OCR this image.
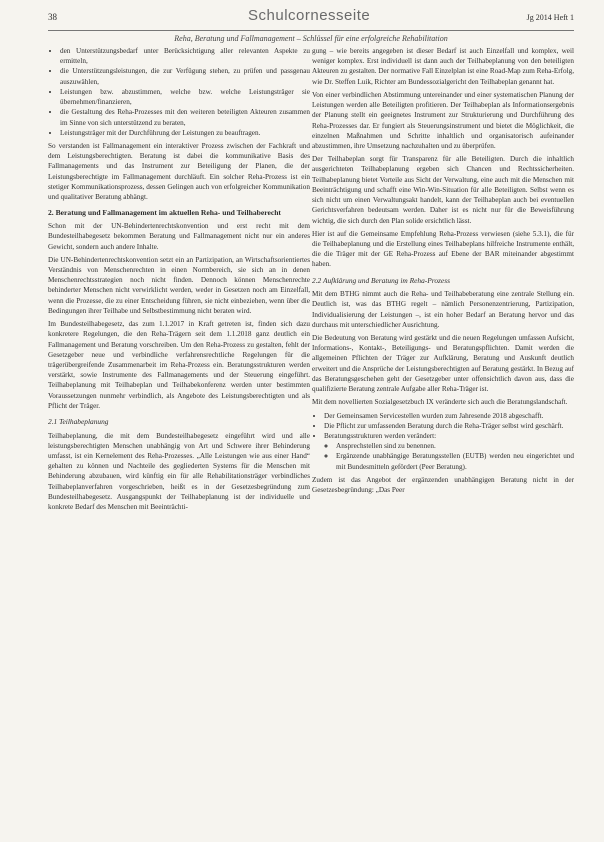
38	Schulcornesseite	Jg 2014 Heft 1
Reha, Beratung und Fallmanagement – Schlüssel für eine erfolgreiche Rehabilitation
• den Unterstützungsbedarf unter Berücksichtigung aller relevanten Aspekte zu ermitteln,
• die Unterstützungsleistungen, die zur Verfügung stehen, zu prüfen und passgenau auszuwählen,
• Leistungen bzw. abzustimmen, welche bzw. welche Leistungsträger sie übernehmen/finanzieren,
• die Gestaltung des Reha-Prozesses mit den weiteren beteiligten Akteuren zusammen im Sinne von sich unterstützend zu beraten,
• Leistungsträger mit der Durchführung der Leistungen zu beauftragen.

So verstanden ist Fallmanagement ein interaktiver Prozess zwischen der Fachkraft und dem Leistungsberechtigten. Beratung ist dabei die kommunikative Basis des Fallmanagements und das Instrument zur Beteiligung der Planen, die der Leistungsberechtigte im Fallmanagement durchläuft. Ein solcher Reha-Prozess ist ein stetiger Kommunikationsprozess, dessen Gelingen auch von erfolgreicher Kommunikation und qualitativer Beratung abhängt.

2. Beratung und Fallmanagement im aktuellen Reha- und Teilhaberecht

Schon mit der UN-Behindertenrechtskonvention und erst recht mit dem Bundesteilhabegesetz bekommen Beratung und Fallmanagement nicht nur ein anderes Gewicht, sondern auch andere Inhalte.

Die UN-Behindertenrechtskonvention setzt ein an Partizipation, an Wirtschaftsorientiertes Verständnis von Menschenrechten in einen Normbereich, sie sich an in denen Menschenrechtsstrategien noch nicht finden. Dennoch können Menschenrechte behinderter Menschen nicht verwirklicht werden, weder in Gesetzen noch am Einzelfall, wenn die Prozesse, die zu einer Entscheidung führen, sie nicht einbeziehen, wenn über die Bedingungen ihrer Teilhabe und Selbstbestimmung nicht beraten wird.

Im Bundesteilhabegesetz, das zum 1.1.2017 in Kraft getreten ist, finden sich dazu konkretere Regelungen, die den Reha-Trägern seit dem 1.1.2018 ganz deutlich ein Fallmanagement und Beratung vorschreiben. Um den Reha-Prozess zu gestalten, fehlt der Gesetzgeber neue und verbindliche verfahrensrechtliche Regelungen für die trägerübergreifende Zusammenarbeit im Reha-Prozess ein. Beratungsstrukturen werden verstärkt, sowie Instrumente des Fallmanagements und der Steuerung eingeführt. Teilhabeplanung mit Teilhabeplan und Teilhabekonferenz werden unter bestimmten Voraussetzungen nunmehr verbindlich, als Angebote des Leistungsberechtigten und als Pflicht der Träger.

2.1 Teilhabeplanung

Teilhabeplanung, die mit dem Bundesteilhabegesetz eingeführt wird und alle leistungsberechtigten Menschen unabhängig von Art und Schwere ihrer Behinderung umfasst, ist ein Kernelement des Reha-Prozesses. „Alle Leistungen wie aus einer Hand“ gehalten zu können und Nachteile des gegliederten Systems für die Menschen mit Behinderung abzubauen, wird künftig ein für alle Rehabilitationsträger verbindliches Teilhabeplanverfahren vorgeschrieben, heißt es in der Gesetzesbegründung zum Bundesteilhabegesetz. Ausgangspunkt der Teilhabeplanung ist der individuelle und konkrete Bedarf des Menschen mit Beeinträchti-

gung – wie bereits angegeben ist dieser Bedarf ist auch Einzelfall und komplex, weil weniger komplex. Erst individuell ist dann auch der Teilhabeplanung von den beteiligten Akteuren zu gestalten. Der normative Fall Einzelplan ist eine Road-Map zum Reha-Erfolg, wie Dr. Steffen Luik, Richter am Bundessozialgericht den Teilhabeplan genannt hat.

Von einer verbindlichen Abstimmung untereinander und einer systematischen Planung der Leistungen werden alle Beteiligten profitieren. Der Teilhabeplan als Informationsergebnis der Planung stellt ein geeignetes Instrument zur Strukturierung und Durchführung des Reha-Prozesses dar. Er fungiert als Steuerungsinstrument und bietet die Möglichkeit, die einzelnen Maßnahmen und Schritte inhaltlich und organisatorisch aufeinander abzustimmen, ihre Umsetzung nachzuhalten und zu überprüfen.

Der Teilhabeplan sorgt für Transparenz für alle Beteiligten. Durch die inhaltlich ausgerichteten Teilhabeplanung ergeben sich Chancen und Rechtssicherheiten. Teilhabeplanung bietet Vorteile aus Sicht der Verwaltung, eine auch mit die Menschen mit Beeinträchtigung und schafft eine Win-Win-Situation für alle Beteiligten. Selbst wenn es sich nicht um einen Verwaltungsakt handelt, kann der Teilhabeplan auch bei eventuellen Gerichtsverfahren bedeutsam werden. Daher ist es nicht nur für die Beweisführung wichtig, die sich durch den Plan solide ersichtlich lässt.

Hier ist auf die Gemeinsame Empfehlung Reha-Prozess verwiesen (siehe 5.3.1), die für die Teilhabeplanung und die Erstellung eines Teilhabeplans hilfreiche Instrumente enthält, die die Träger mit der GE Reha-Prozess auf Ebene der BAR miteinander abgestimmt haben.

2.2 Aufklärung und Beratung im Reha-Prozess

Mit dem BTHG nimmt auch die Reha- und Teilhabeberatung eine zentrale Stellung ein. Deutlich ist, was das BTHG regelt – nämlich Personenzentrierung, Partizipation, Individualisierung der Leistungen –, ist ein hoher Bedarf an Beratung hervor und das durchaus mit unterschiedlicher Ausrichtung.

Die Bedeutung von Beratung wird gestärkt und die neuen Regelungen umfassen Aufsicht, Informations-, Kontakt-, Beteiligungs- und Beratungspflichten. Damit werden die allgemeinen Pflichten der Träger zur Aufklärung, Beratung und Auskunft deutlich erweitert und die Ansprüche der Leistungsberechtigten auf Beratung gestärkt. In Bezug auf das Beratungsgeschehen geht der Gesetzgeber unter offensichtlich davon aus, dass die qualifizierte Beratung zentrale Aufgabe aller Reha-Träger ist.

Mit dem novellierten Sozialgesetzbuch IX veränderte sich auch die Beratungslandschaft.

• Der Gemeinsamen Servicestellen wurden zum Jahresende 2018 abgeschafft.
• Die Pflicht zur umfassenden Beratung durch die Reha-Träger selbst wird geschärft.
• Beratungsstrukturen werden verändert:
◦ Ansprechstellen sind zu benennen.
◦ Ergänzende unabhängige Beratungsstellen (EUTB) werden neu eingerichtet und mit Bundesmitteln gefördert (Peer Beratung).

Zudem ist das Angebot der ergänzenden unabhängigen Beratung nicht in der Gesetzesbegründung: „Das Peer
